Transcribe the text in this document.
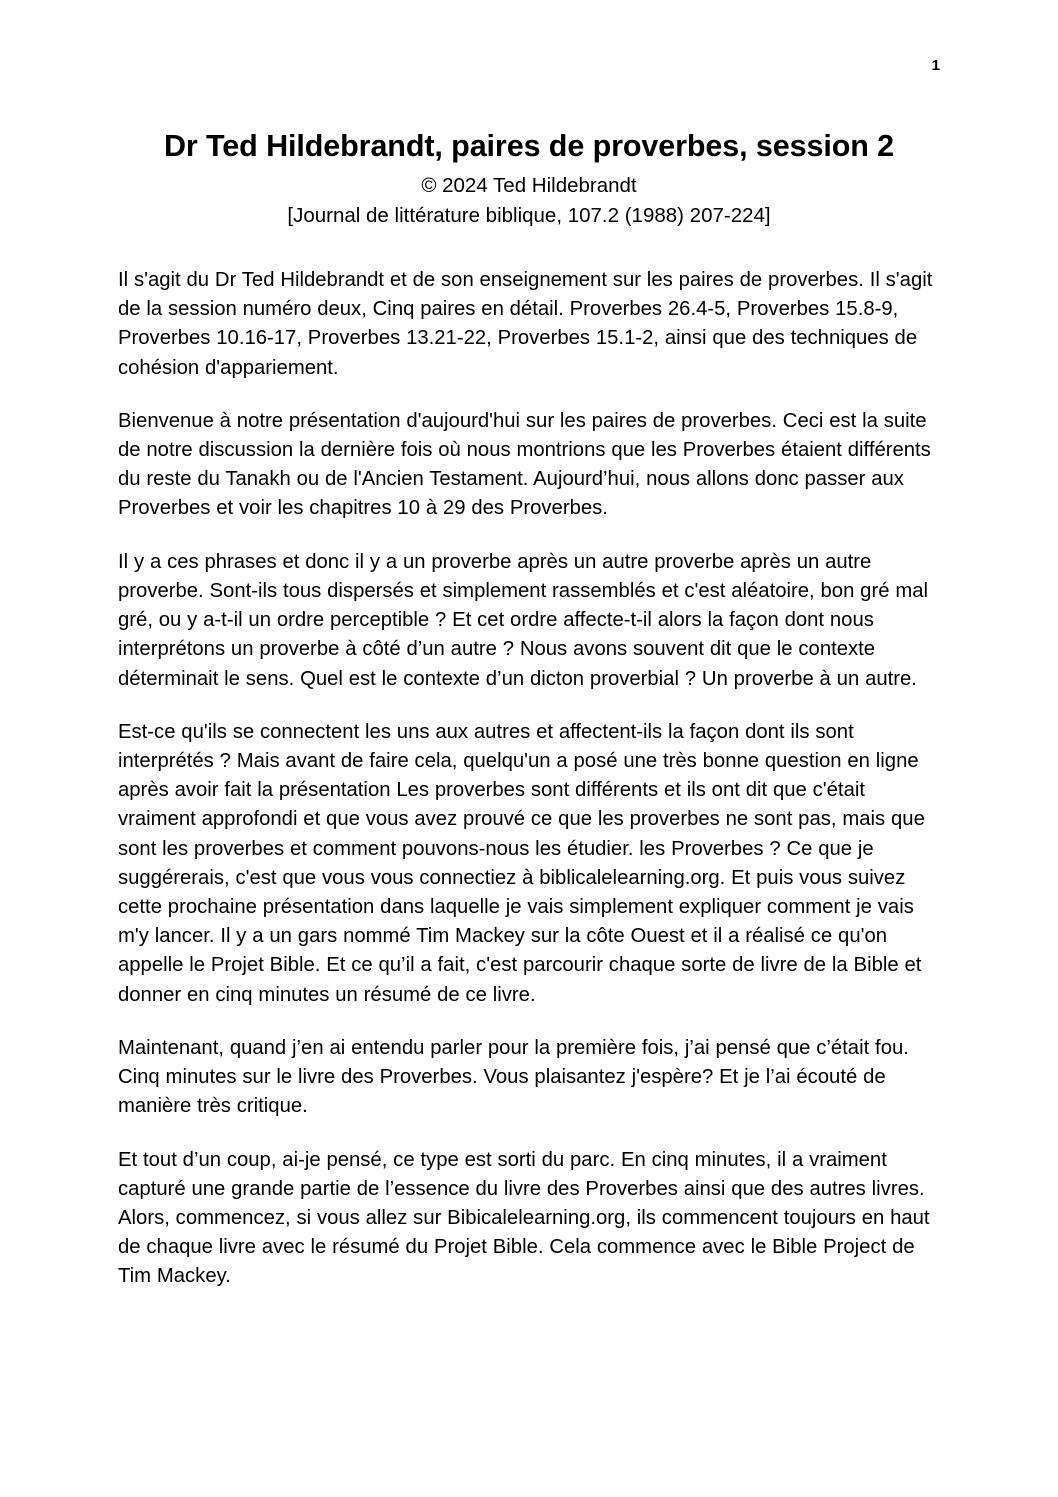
1
Dr Ted Hildebrandt, paires de proverbes, session 2
© 2024 Ted Hildebrandt
[Journal de littérature biblique, 107.2 (1988) 207-224]

Il s'agit du Dr Ted Hildebrandt et de son enseignement sur les paires de proverbes. Il s'agit de la session numéro deux, Cinq paires en détail. Proverbes 26.4-5, Proverbes 15.8-9, Proverbes 10.16-17, Proverbes 13.21-22, Proverbes 15.1-2, ainsi que des techniques de cohésion d'appariement.

Bienvenue à notre présentation d'aujourd'hui sur les paires de proverbes. Ceci est la suite de notre discussion la dernière fois où nous montrions que les Proverbes étaient différents du reste du Tanakh ou de l'Ancien Testament. Aujourd’hui, nous allons donc passer aux Proverbes et voir les chapitres 10 à 29 des Proverbes.

Il y a ces phrases et donc il y a un proverbe après un autre proverbe après un autre proverbe. Sont-ils tous dispersés et simplement rassemblés et c'est aléatoire, bon gré mal gré, ou y a-t-il un ordre perceptible ? Et cet ordre affecte-t-il alors la façon dont nous interprétons un proverbe à côté d’un autre ? Nous avons souvent dit que le contexte déterminait le sens. Quel est le contexte d’un dicton proverbial ? Un proverbe à un autre.

Est-ce qu'ils se connectent les uns aux autres et affectent-ils la façon dont ils sont interprétés ? Mais avant de faire cela, quelqu'un a posé une très bonne question en ligne après avoir fait la présentation Les proverbes sont différents et ils ont dit que c'était vraiment approfondi et que vous avez prouvé ce que les proverbes ne sont pas, mais que sont les proverbes et comment pouvons-nous les étudier. les Proverbes ? Ce que je suggérerais, c'est que vous vous connectiez à biblicalelearning.org. Et puis vous suivez cette prochaine présentation dans laquelle je vais simplement expliquer comment je vais m'y lancer. Il y a un gars nommé Tim Mackey sur la côte Ouest et il a réalisé ce qu'on appelle le Projet Bible. Et ce qu’il a fait, c'est parcourir chaque sorte de livre de la Bible et donner en cinq minutes un résumé de ce livre.

Maintenant, quand j’en ai entendu parler pour la première fois, j’ai pensé que c’était fou. Cinq minutes sur le livre des Proverbes. Vous plaisantez j'espère? Et je l’ai écouté de manière très critique.

Et tout d’un coup, ai-je pensé, ce type est sorti du parc. En cinq minutes, il a vraiment capturé une grande partie de l’essence du livre des Proverbes ainsi que des autres livres. Alors, commencez, si vous allez sur Bibicalelearning.org, ils commencent toujours en haut de chaque livre avec le résumé du Projet Bible. Cela commence avec le Bible Project de Tim Mackey.
